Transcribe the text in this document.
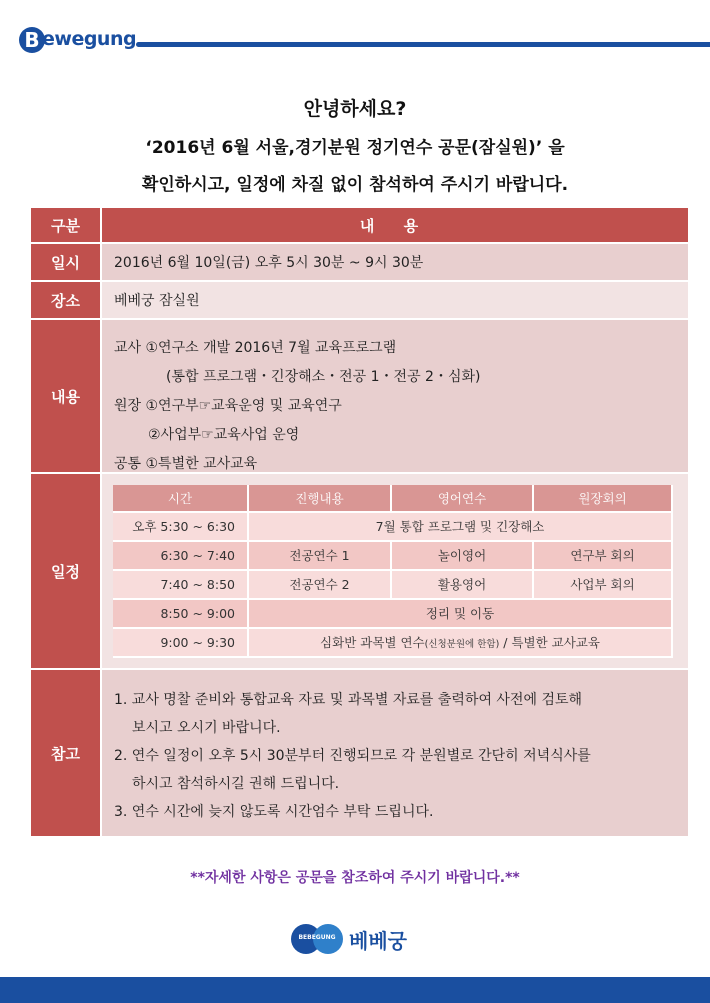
B ewegung
안녕하세요?
‘2016년 6월 서울,경기분원 정기연수 공문(잠실원)’ 을
확인하시고, 일정에 차질 없이 참석하여 주시기 바랍니다.
구분	내 용
일시	2016년 6월 10일(금) 오후 5시 30분 ~ 9시 30분
장소	베베궁 잠실원
내용
교사 ①연구소 개발 2016년 7월 교육프로그램
(통합 프로그램・긴장해소・전공 1・전공 2・심화)
원장 ①연구부☞교육운영 및 교육연구
②사업부☞교육사업 운영
공통 ①특별한 교사교육
일정
시간	진행내용	영어연수	원장회의
오후 5:30 ~ 6:30	7월 통합 프로그램 및 긴장해소		
6:30 ~ 7:40	전공연수 1	놀이영어	연구부 회의
7:40 ~ 8:50	전공연수 2	활용영어	사업부 회의
8:50 ~ 9:00	정리 및 이동		
9:00 ~ 9:30	심화반 과목별 연수(신청분원에 한함) / 특별한 교사교육		
참고
1. 교사 명찰 준비와 통합교육 자료 및 과목별 자료를 출력하여 사전에 검토해
보시고 오시기 바랍니다.
2. 연수 일정이 오후 5시 30분부터 진행되므로 각 분원별로 간단히 저녁식사를
하시고 참석하시길 권해 드립니다.
3. 연수 시간에 늦지 않도록 시간엄수 부탁 드립니다.
**자세한 사항은 공문을 참조하여 주시기 바랍니다.**
BEBEGUNG 베베궁
